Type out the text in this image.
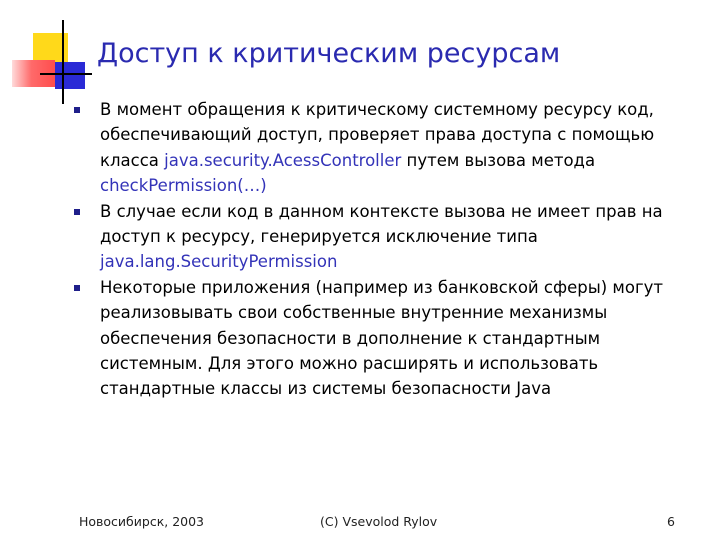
Доступ к критическим ресурсам
В момент обращения к критическому системному ресурсу код, обеспечивающий доступ, проверяет права доступа с помощью класса java.security.AcessController путем вызова метода checkPermission(…)
В случае если код в данном контексте вызова не имеет прав на доступ к ресурсу, генерируется исключение типа java.lang.SecurityPermission
Некоторые приложения (например из банковской сферы) могут реализовывать свои собственные внутренние механизмы обеспечения безопасности в дополнение к стандартным системным. Для этого можно расширять и использовать стандартные классы из системы безопасности Java
Новосибирск, 2003	(C) Vsevolod Rylov	6
